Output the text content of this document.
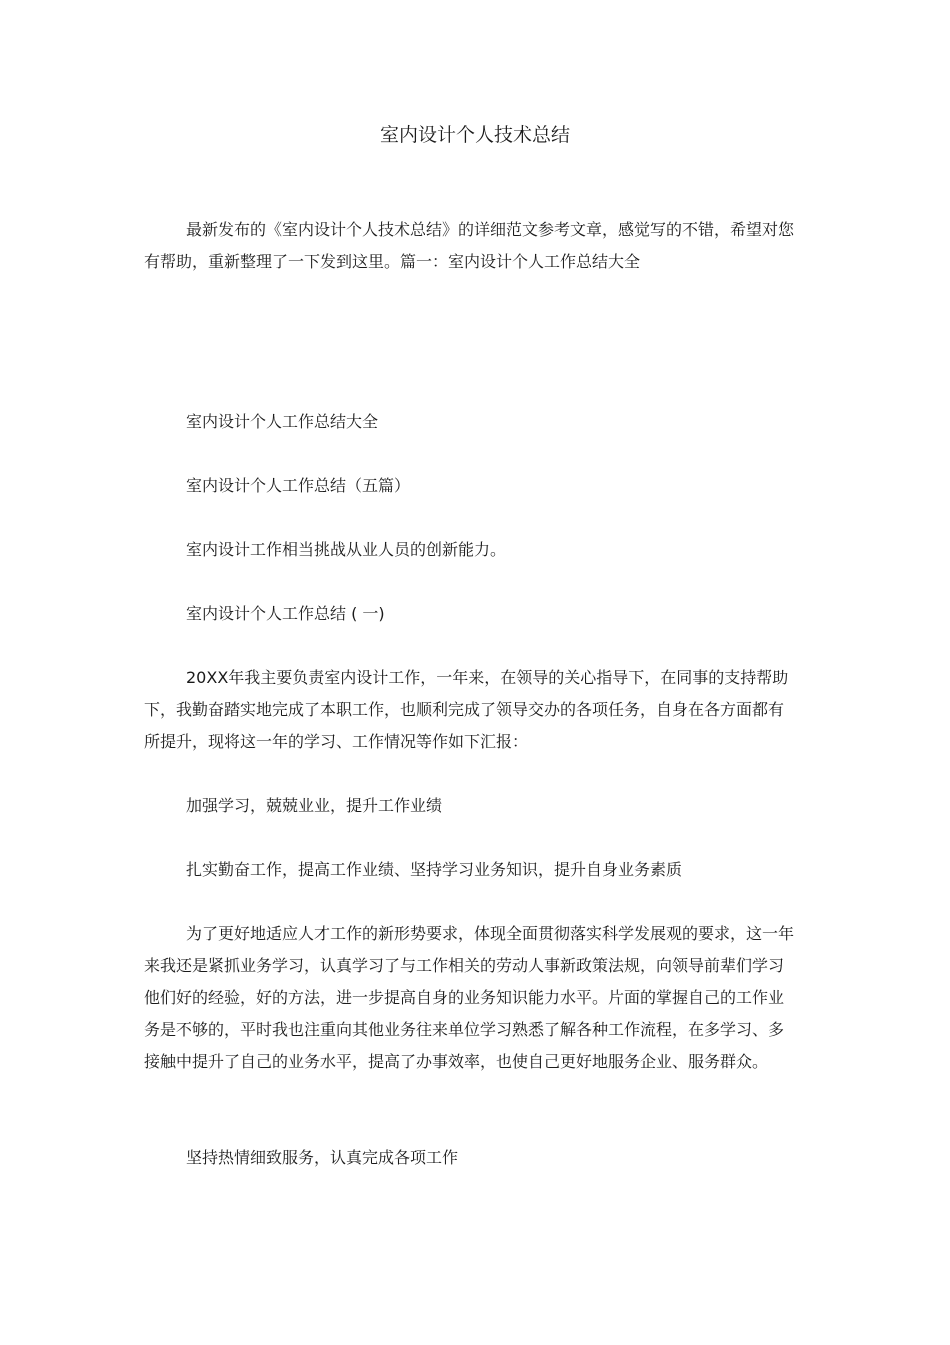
室内设计个人技术总结

最新发布的《室内设计个人技术总结》的详细范文参考文章，感觉写的不错，希望对您有帮助，重新整理了一下发到这里。篇一：室内设计个人工作总结大全

室内设计个人工作总结大全

室内设计个人工作总结（五篇）

室内设计工作相当挑战从业人员的创新能力。

室内设计个人工作总结 ( 一)

20XX年我主要负责室内设计工作，一年来，在领导的关心指导下，在同事的支持帮助下，我勤奋踏实地完成了本职工作，也顺利完成了领导交办的各项任务，自身在各方面都有所提升，现将这一年的学习、工作情况等作如下汇报：

加强学习，兢兢业业，提升工作业绩

扎实勤奋工作，提高工作业绩、坚持学习业务知识，提升自身业务素质

为了更好地适应人才工作的新形势要求，体现全面贯彻落实科学发展观的要求，这一年来我还是紧抓业务学习，认真学习了与工作相关的劳动人事新政策法规，向领导前辈们学习他们好的经验，好的方法，进一步提高自身的业务知识能力水平。片面的掌握自己的工作业务是不够的，平时我也注重向其他业务往来单位学习熟悉了解各种工作流程，在多学习、多接触中提升了自己的业务水平，提高了办事效率，也使自己更好地服务企业、服务群众。

坚持热情细致服务，认真完成各项工作
